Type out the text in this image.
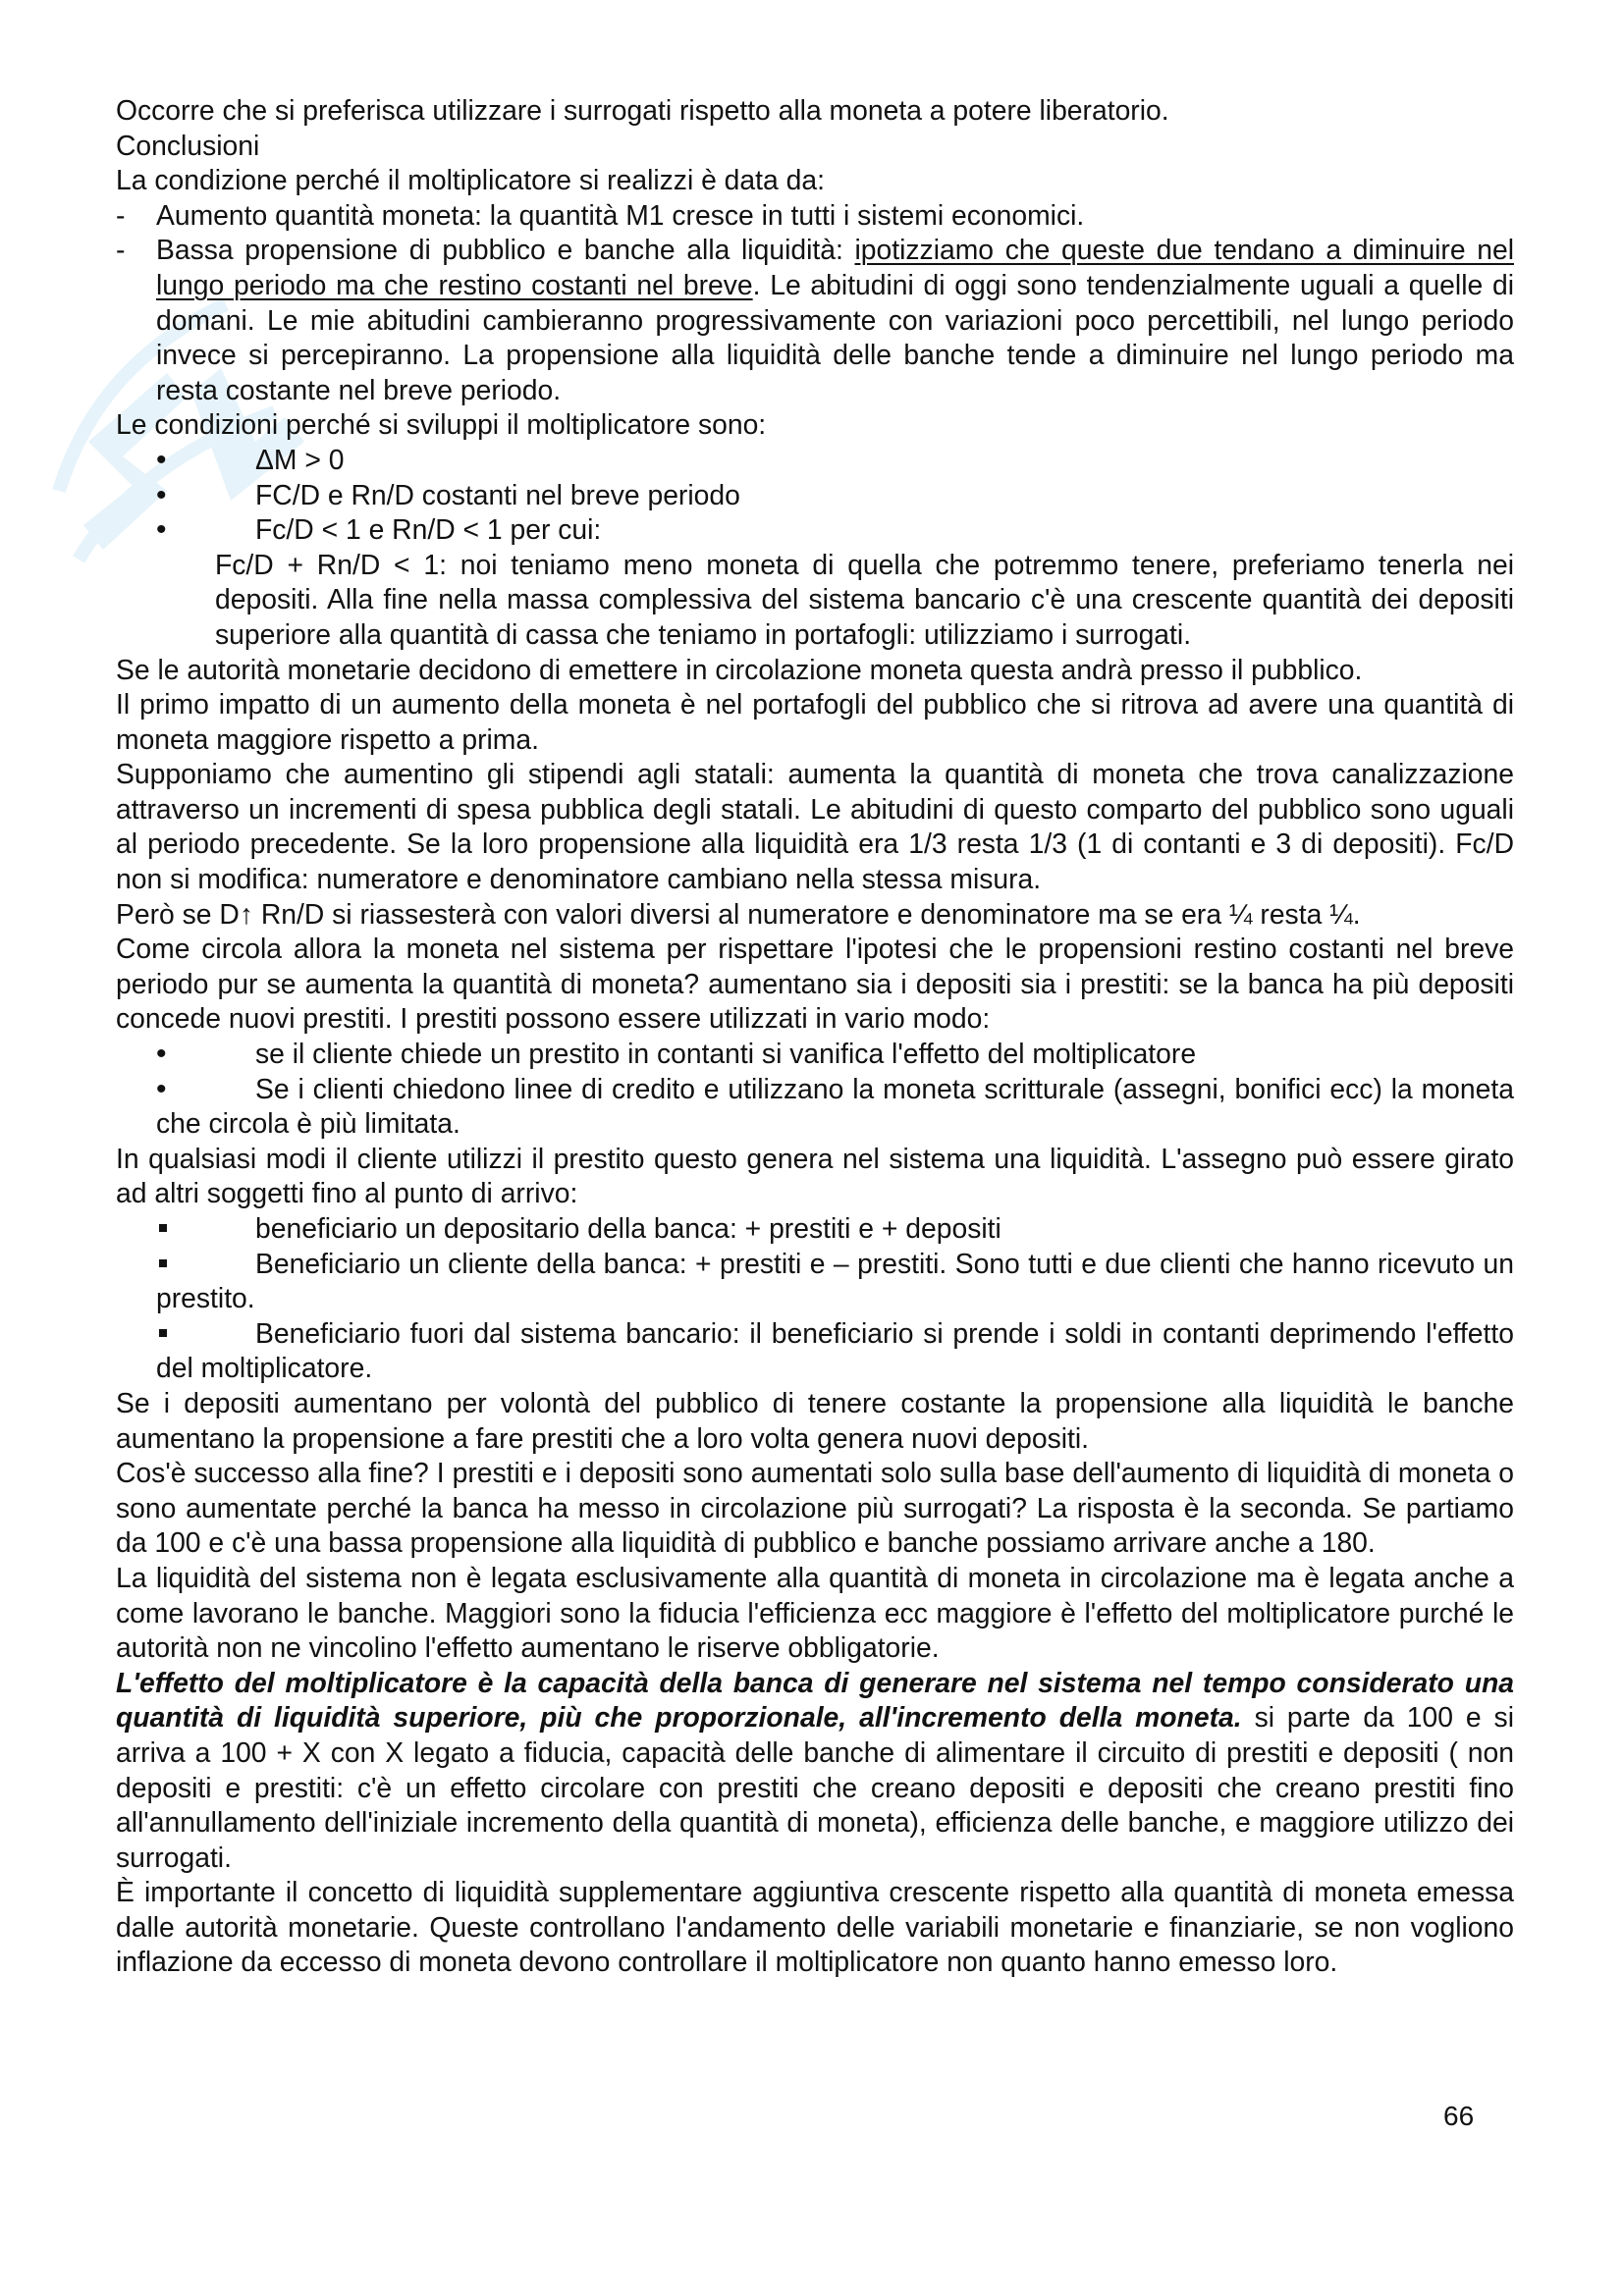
Occorre che si preferisca utilizzare i surrogati rispetto alla moneta a potere liberatorio.

Conclusioni

La condizione perché il moltiplicatore si realizzi è data da:

- Aumento quantità moneta: la quantità M1 cresce in tutti i sistemi economici.
- Bassa propensione di pubblico e banche alla liquidità: ipotizziamo che queste due tendano a diminuire nel lungo periodo ma che restino costanti nel breve. Le abitudini di oggi sono tendenzialmente uguali a quelle di domani. Le mie abitudini cambieranno progressivamente con variazioni poco percettibili, nel lungo periodo invece si percepiranno. La propensione alla liquidità delle banche tende a diminuire nel lungo periodo ma resta costante nel breve periodo.

Le condizioni perché si sviluppi il moltiplicatore sono:

• ΔM > 0
• FC/D e Rn/D costanti nel breve periodo
• Fc/D < 1 e Rn/D < 1 per cui:
Fc/D + Rn/D < 1: noi teniamo meno moneta di quella che potremmo tenere, preferiamo tenerla nei depositi. Alla fine nella massa complessiva del sistema bancario c'è una crescente quantità dei depositi superiore alla quantità di cassa che teniamo in portafogli: utilizziamo i surrogati.

Se le autorità monetarie decidono di emettere in circolazione moneta questa andrà presso il pubblico.

Il primo impatto di un aumento della moneta è nel portafogli del pubblico che si ritrova ad avere una quantità di moneta maggiore rispetto a prima.

Supponiamo che aumentino gli stipendi agli statali: aumenta la quantità di moneta che trova canalizzazione attraverso un incrementi di spesa pubblica degli statali. Le abitudini di questo comparto del pubblico sono uguali al periodo precedente. Se la loro propensione alla liquidità era 1/3 resta 1/3 (1 di contanti e 3 di depositi). Fc/D non si modifica: numeratore e denominatore cambiano nella stessa misura.

Però se D↑ Rn/D si riassesterà con valori diversi al numeratore e denominatore ma se era ¼ resta ¼.

Come circola allora la moneta nel sistema per rispettare l'ipotesi che le propensioni restino costanti nel breve periodo pur se aumenta la quantità di moneta? aumentano sia i depositi sia i prestiti: se la banca ha più depositi concede nuovi prestiti. I prestiti possono essere utilizzati in vario modo:

• se il cliente chiede un prestito in contanti si vanifica l'effetto del moltiplicatore
• Se i clienti chiedono linee di credito e utilizzano la moneta scritturale (assegni, bonifici ecc) la moneta che circola è più limitata.

In qualsiasi modi il cliente utilizzi il prestito questo genera nel sistema una liquidità. L'assegno può essere girato ad altri soggetti fino al punto di arrivo:

beneficiario un depositario della banca: + prestiti e + depositi
Beneficiario un cliente della banca: + prestiti e – prestiti. Sono tutti e due clienti che hanno ricevuto un prestito.
Beneficiario fuori dal sistema bancario: il beneficiario si prende i soldi in contanti deprimendo l'effetto del moltiplicatore.

Se i depositi aumentano per volontà del pubblico di tenere costante la propensione alla liquidità le banche aumentano la propensione a fare prestiti che a loro volta genera nuovi depositi.

Cos'è successo alla fine? I prestiti e i depositi sono aumentati solo sulla base dell'aumento di liquidità di moneta o sono aumentate perché la banca ha messo in circolazione più surrogati? La risposta è la seconda. Se partiamo da 100 e c'è una bassa propensione alla liquidità di pubblico e banche possiamo arrivare anche a 180.

La liquidità del sistema non è legata esclusivamente alla quantità di moneta in circolazione ma è legata anche a come lavorano le banche. Maggiori sono la fiducia l'efficienza ecc maggiore è l'effetto del moltiplicatore purché le autorità non ne vincolino l'effetto aumentano le riserve obbligatorie.

L'effetto del moltiplicatore è la capacità della banca di generare nel sistema nel tempo considerato una quantità di liquidità superiore, più che proporzionale, all'incremento della moneta. si parte da 100 e si arriva a 100 + X con X legato a fiducia, capacità delle banche di alimentare il circuito di prestiti e depositi ( non depositi e prestiti: c'è un effetto circolare con prestiti che creano depositi e depositi che creano prestiti fino all'annullamento dell'iniziale incremento della quantità di moneta), efficienza delle banche, e maggiore utilizzo dei surrogati.

È importante il concetto di liquidità supplementare aggiuntiva crescente rispetto alla quantità di moneta emessa dalle autorità monetarie. Queste controllano l'andamento delle variabili monetarie e finanziarie, se non vogliono inflazione da eccesso di moneta devono controllare il moltiplicatore non quanto hanno emesso loro.

66
